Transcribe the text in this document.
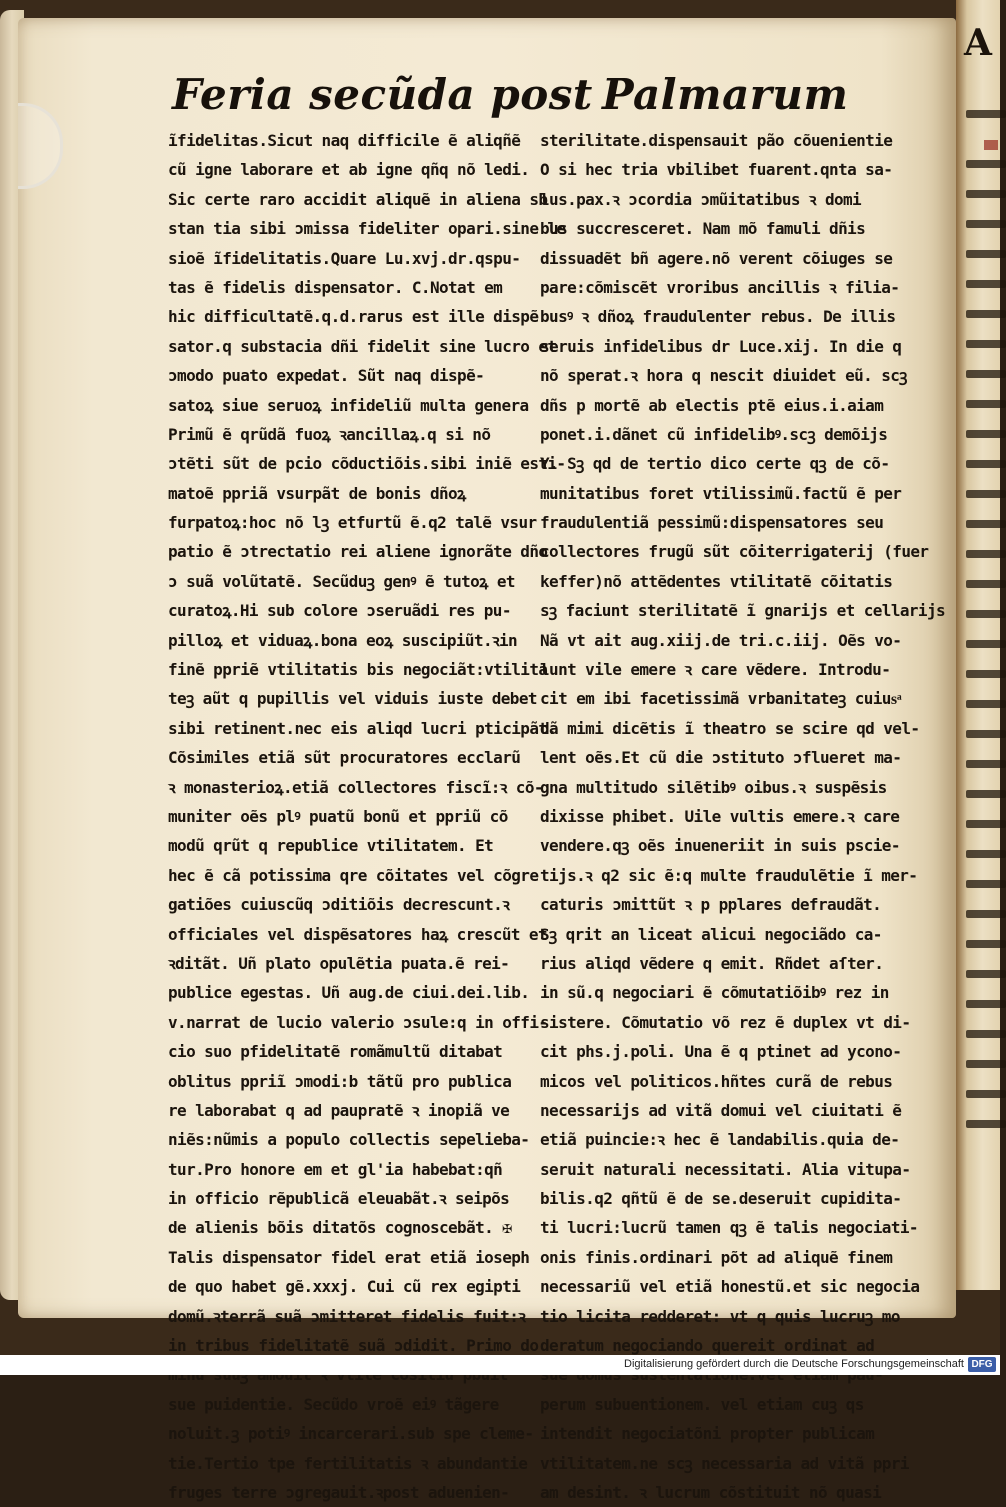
A
Feria secũda post Palmarum
ĩfidelitas.Sicut naq difficile ẽ aliqñẽ
cũ igne laborare et ab igne qñq nõ ledi.
Sic certe raro accidit aliquẽ in aliena sb
stan tia sibi ɔmissa fideliter opari.sine le
sioẽ ĩfidelitatis.Quare Lu.xvj.dr.qspu-
tas ẽ fidelis dispensator. C.Notat em
hic difficultatẽ.q.d.rarus est ille dispẽ
sator.q substacia dñi fidelit sine lucro et
ɔmodo puato expedat. Sũt naq dispẽ-
satoꝝ siue seruoꝝ infideliũ multa genera
Primũ ẽ qrũdã fuoꝝ ꝛancillaꝝ.q si nõ
ɔtẽti sũt de pcio cõductiõis.sibi iniẽ esti-
matoẽ ppriã vsurpãt de bonis dñoꝝ
furpatoꝝ:hoc nõ lꝫ etfurtũ ẽ.q2 talẽ vsur
patio ẽ ɔtrectatio rei aliene ignorãte dño
ɔ suã volũtatẽ. Secũduꝫ genꝰ ẽ tutoꝝ et
curatoꝝ.Hi sub colore ɔseruãdi res pu-
pilloꝝ et viduaꝝ.bona eoꝝ suscipiũt.ꝛin
finẽ ppriẽ vtilitatis bis negociãt:vtilita
teꝫ aũt q pupillis vel viduis iuste debet
sibi retinent.nec eis aliqd lucri pticipãt.
Cõsimiles etiã sũt procuratores ecclarũ
ꝛ monasterioꝝ.etiã collectores fiscĩ:ꝛ cõ-
muniter oẽs plꝰ puatũ bonũ et ppriũ cõ
modũ qrũt q republice vtilitatem. Et
hec ẽ cã potissima qre cõitates vel cõgre
gatiões cuiuscũq ɔditiõis decrescunt.ꝛ
officiales vel dispẽsatores haꝝ crescũt et
ꝛditãt. Uñ plato opulẽtia puata.ẽ rei-
publice egestas. Uñ aug.de ciui.dei.lib.
v.narrat de lucio valerio ɔsule:q in offi-
cio suo pfidelitatẽ romãmultũ ditabat
oblitus ppriĩ ɔmodi:b tãtũ pro publica
re laborabat q ad paupratẽ ꝛ inopiã ve
niẽs:nũmis a populo collectis sepelieba-
tur.Pro honore em et gl'ia habebat:qñ
in officio rẽpublicã eleuabãt.ꝛ seipõs
de alienis bõis ditatõs cognoscebãt. ✠
Talis dispensator fidel erat etiã ioseph
de quo habet gẽ.xxxj. Cui cũ rex egipti
domũ.ꝛterrã suã ɔmitteret fidelis fuit:ꝛ
in tribus fidelitatẽ suã ɔdidit. Primo do
sue puidentie. Secũdo vroẽ eiꝰ tãgere
noluit.ꝫ potiꝰ incarcerari.sub spe cleme-
tie.Tertio tpe fertilitatis ꝛ abundantie
fruges terre ɔgregauit.ꝛpost aduenien-
sterilitate.dispensauit pão cõuenientie
O si hec tria vbilibet fuarent.qnta sa-
lus.pax.ꝛ ɔcordia ɔmũitatibus ꝛ domi
bus succresceret. Nam mõ famuli dñis
dissuadẽt bñ agere.nõ verent cõiuges se
pare:cõmiscẽt vroribus ancillis ꝛ filia-
busꝰ ꝛ dñoꝝ fraudulenter rebus. De illis
seruis infidelibus dr Luce.xij. In die q
nõ sperat.ꝛ hora q nescit diuidet eũ. scꝫ
dñs p mortẽ ab electis ptẽ eius.i.aiam
ponet.i.dãnet cũ infidelibꝰ.scꝫ demõijs
Y. Sꝫ qd de tertio dico certe qꝫ de cõ-
munitatibus foret vtilissimũ.factũ ẽ per
fraudulentiã pessimũ:dispensatores seu
collectores frugũ sũt cõiterrigaterij (fuer
keffer)nõ attẽdentes vtilitatẽ cõitatis
sꝫ faciunt sterilitatẽ ĩ gnarijs et cellarijs
Nã vt ait aug.xiij.de tri.c.iij. Oẽs vo-
lunt vile emere ꝛ care vẽdere. Introdu-
cit em ibi facetissimã vrbanitateꝫ cuiusͣ
dã mimi dicẽtis ĩ theatro se scire qd vel-
lent oẽs.Et cũ die ɔstituto ɔflueret ma-
gna multitudo silẽtibꝰ oibus.ꝛ suspẽsis
dixisse phibet. Uile vultis emere.ꝛ care
vendere.qꝫ oẽs inueneriit in suis pscie-
tijs.ꝛ q2 sic ẽ:q multe fraudulẽtie ĩ mer-
caturis ɔmittũt ꝛ p pplares defraudãt.
Sꝫ qrit an liceat alicui negociãdo ca-
rius aliqd vẽdere q emit. Rñdet aſter.
in sũ.q negociari ẽ cõmutatiõibꝰ rez in
sistere. Cõmutatio võ rez ẽ duplex vt di-
cit phs.j.poli. Una ẽ q ptinet ad ycono-
micos vel politicos.hñtes curã de rebus
necessarijs ad vitã domui vel ciuitati ẽ
etiã puincie:ꝛ hec ẽ landabilis.quia de-
seruit naturali necessitati. Alia vitupa-
bilis.q2 qñtũ ẽ de se.deseruit cupidita-
ti lucri:lucrũ tamen qꝫ ẽ talis negociati-
onis finis.ordinari põt ad aliquẽ finem
necessariũ vel etiã honestũ.et sic negocia
tio licita redderet: vt q quis lucruꝫ mo
deratum negociando quereit ordinat ad
perum subuentionem. vel etiam cuꝫ qs
intendit negociatõni propter publicam
vtilitatem.ne scꝫ necessaria ad vitã ppri
am desint. ꝛ lucrum cõstituit nõ quasi
Digitalisierung gefördert durch die Deutsche Forschungsgemeinschaft DFG
